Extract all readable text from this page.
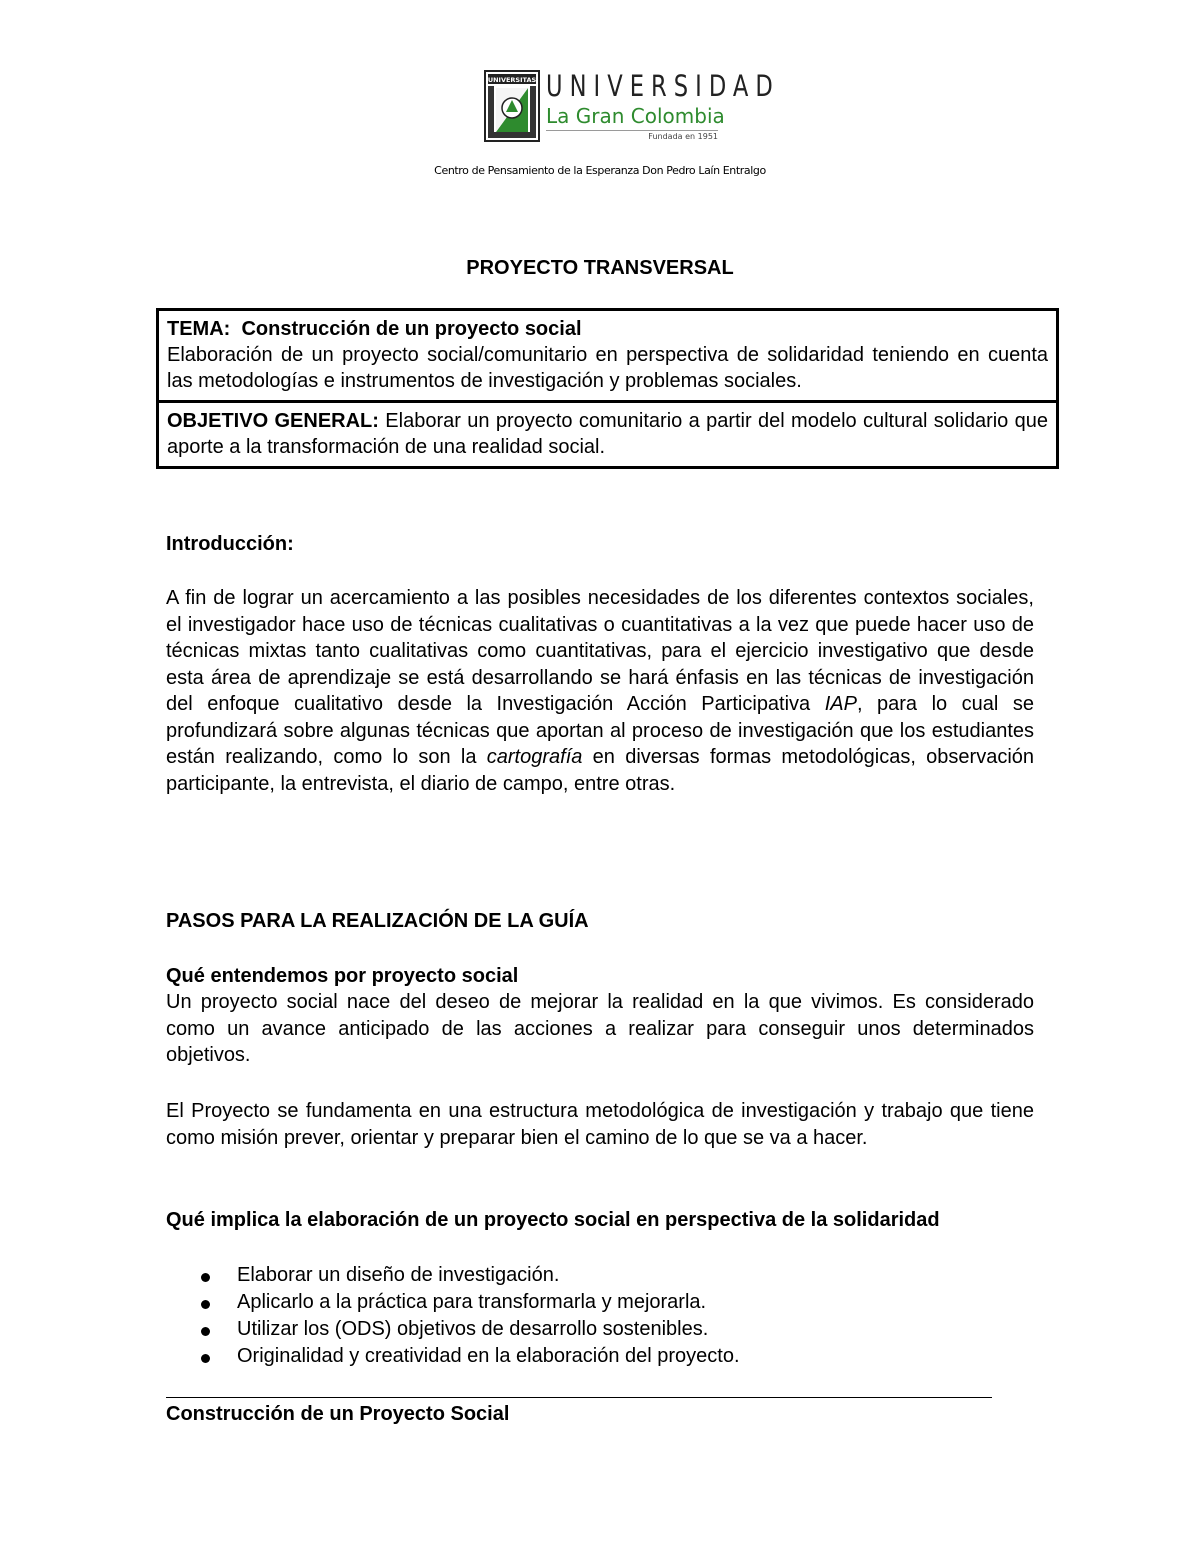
UNIVERSITAS UNIVERSIDAD
La Gran Colombia
Fundada en 1951
Centro de Pensamiento de la Esperanza Don Pedro Laín Entralgo
PROYECTO TRANSVERSAL
TEMA: Construcción de un proyecto social
Elaboración de un proyecto social/comunitario en perspectiva de solidaridad teniendo en cuenta las metodologías e instrumentos de investigación y problemas sociales.
OBJETIVO GENERAL: Elaborar un proyecto comunitario a partir del modelo cultural solidario que aporte a la transformación de una realidad social.
Introducción:
A fin de lograr un acercamiento a las posibles necesidades de los diferentes contextos sociales, el investigador hace uso de técnicas cualitativas o cuantitativas a la vez que puede hacer uso de técnicas mixtas tanto cualitativas como cuantitativas, para el ejercicio investigativo que desde esta área de aprendizaje se está desarrollando se hará énfasis en las técnicas de investigación del enfoque cualitativo desde la Investigación Acción Participativa IAP, para lo cual se profundizará sobre algunas técnicas que aportan al proceso de investigación que los estudiantes están realizando, como lo son la cartografía en diversas formas metodológicas, observación participante, la entrevista, el diario de campo, entre otras.
PASOS PARA LA REALIZACIÓN DE LA GUÍA
Qué entendemos por proyecto social
Un proyecto social nace del deseo de mejorar la realidad en la que vivimos. Es considerado como un avance anticipado de las acciones a realizar para conseguir unos determinados objetivos.
El Proyecto se fundamenta en una estructura metodológica de investigación y trabajo que tiene como misión prever, orientar y preparar bien el camino de lo que se va a hacer.
Qué implica la elaboración de un proyecto social en perspectiva de la solidaridad
Elaborar un diseño de investigación.
Aplicarlo a la práctica para transformarla y mejorarla.
Utilizar los (ODS) objetivos de desarrollo sostenibles.
Originalidad y creatividad en la elaboración del proyecto.
Construcción de un Proyecto Social
